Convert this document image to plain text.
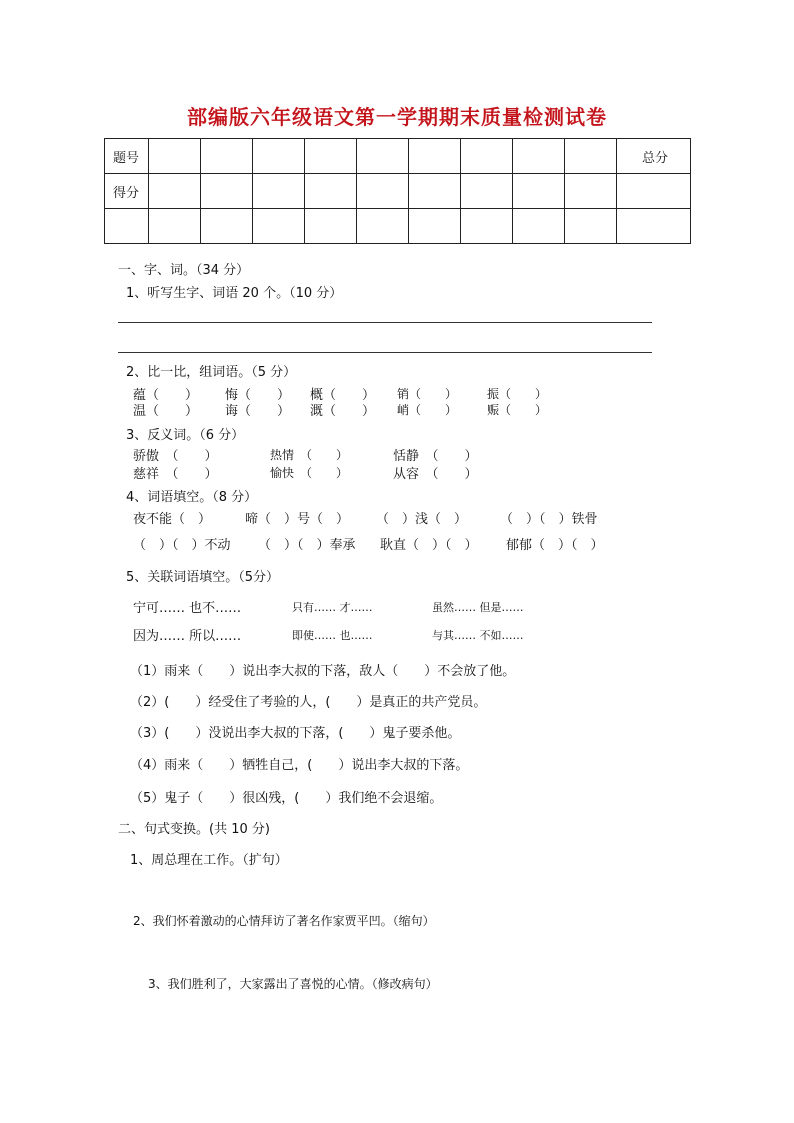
部编版六年级语文第一学期期末质量检测试卷
题号										总分
得分										

一、字、词。（34 分）
1、听写生字、词语 20 个。（10 分）
2、比一比，组词语。（5 分）
蕴（　　） 悔（　　） 概（　　） 销（　　） 振（　　）
温（　　） 诲（　　） 溉（　　） 峭（　　） 赈（　　）
3、反义词。（6 分）
骄傲　（　　）	热情　（　　）	恬静　（　　）
慈祥　（　　）	愉快　（　　）	从容　（　　）
4、词语填空。（8 分）
夜不能（　）	啼（　）号（　） （　）浅（　）	（　）（　）铁骨
（　）（　）不动 （　）（　）奉承 耿直（　）（　） 郁郁（　）（　）
5、关联词语填空。（5分）
宁可…… 也不……	只有…… 才……	虽然…… 但是……
因为…… 所以……	即使…… 也……	与其…… 不如……
（1）雨来（　　）说出李大叔的下落，敌人（　　）不会放了他。
（2）(　　）经受住了考验的人，(　　）是真正的共产党员。
（3）(　　）没说出李大叔的下落，(　　）鬼子要杀他。
（4）雨来（　　）牺牲自己，(　　）说出李大叔的下落。
（5）鬼子（　　）很凶残，(　　）我们绝不会退缩。
二、句式变换。(共 10 分)
1、周总理在工作。（扩句）
2、我们怀着激动的心情拜访了著名作家贾平凹。（缩句）
3、我们胜利了，大家露出了喜悦的心情。（修改病句）
